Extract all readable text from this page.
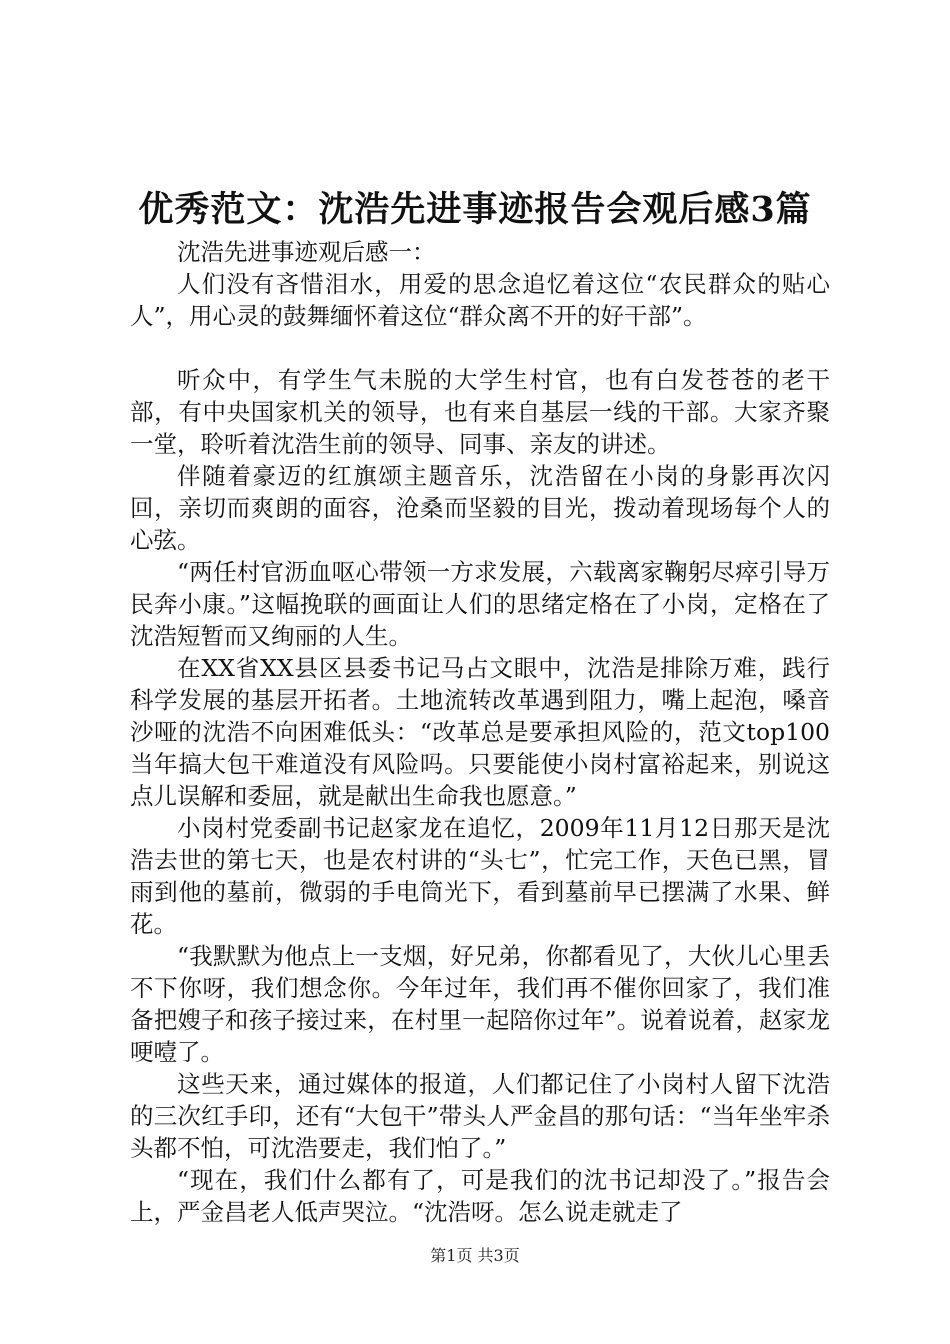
优秀范文：沈浩先进事迹报告会观后感3篇

沈浩先进事迹观后感一：

人们没有吝惜泪水，用爱的思念追忆着这位“农民群众的贴心人”，用心灵的鼓舞缅怀着这位“群众离不开的好干部”。

听众中，有学生气未脱的大学生村官，也有白发苍苍的老干部，有中央国家机关的领导，也有来自基层一线的干部。大家齐聚一堂，聆听着沈浩生前的领导、同事、亲友的讲述。

伴随着豪迈的红旗颂主题音乐，沈浩留在小岗的身影再次闪回，亲切而爽朗的面容，沧桑而坚毅的目光，拨动着现场每个人的心弦。

“两任村官沥血呕心带领一方求发展，六载离家鞠躬尽瘁引导万民奔小康。”这幅挽联的画面让人们的思绪定格在了小岗，定格在了沈浩短暂而又绚丽的人生。

在XX省XX县区县委书记马占文眼中，沈浩是排除万难，践行科学发展的基层开拓者。土地流转改革遇到阻力，嘴上起泡，嗓音沙哑的沈浩不向困难低头：“改革总是要承担风险的，范文top100当年搞大包干难道没有风险吗。只要能使小岗村富裕起来，别说这点儿误解和委屈，就是献出生命我也愿意。”

小岗村党委副书记赵家龙在追忆，2009年11月12日那天是沈浩去世的第七天，也是农村讲的“头七”，忙完工作，天色已黑，冒雨到他的墓前，微弱的手电筒光下，看到墓前早已摆满了水果、鲜花。

“我默默为他点上一支烟，好兄弟，你都看见了，大伙儿心里丢不下你呀，我们想念你。今年过年，我们再不催你回家了，我们准备把嫂子和孩子接过来，在村里一起陪你过年”。说着说着，赵家龙哽噎了。

这些天来，通过媒体的报道，人们都记住了小岗村人留下沈浩的三次红手印，还有“大包干”带头人严金昌的那句话：“当年坐牢杀头都不怕，可沈浩要走，我们怕了。”

“现在，我们什么都有了，可是我们的沈书记却没了。”报告会上，严金昌老人低声哭泣。“沈浩呀。怎么说走就走了

第1页 共3页
